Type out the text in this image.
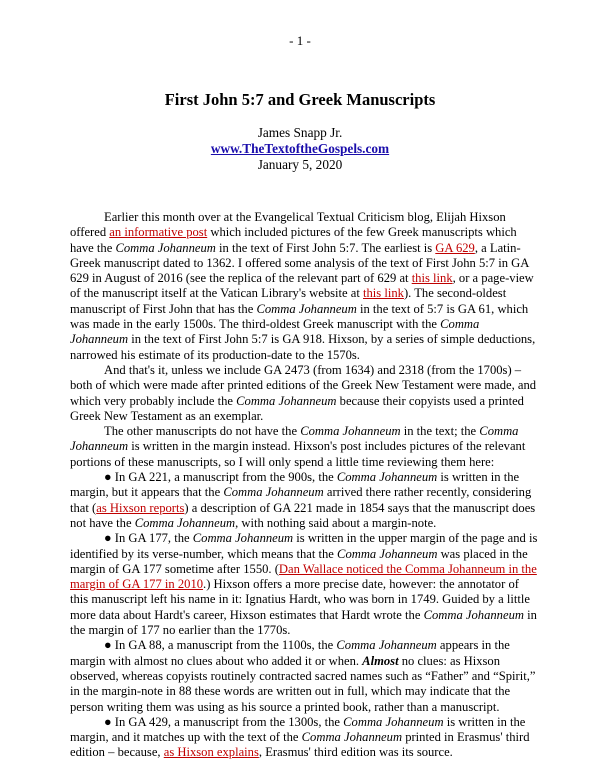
- 1 -
First John 5:7 and Greek Manuscripts
James Snapp Jr.
www.TheTextoftheGospels.com
January 5, 2020

Earlier this month over at the Evangelical Textual Criticism blog, Elijah Hixson offered an informative post which included pictures of the few Greek manuscripts which have the Comma Johanneum in the text of First John 5:7. The earliest is GA 629, a Latin-Greek manuscript dated to 1362. I offered some analysis of the text of First John 5:7 in GA 629 in August of 2016 (see the replica of the relevant part of 629 at this link, or a page-view of the manuscript itself at the Vatican Library's website at this link). The second-oldest manuscript of First John that has the Comma Johanneum in the text of 5:7 is GA 61, which was made in the early 1500s. The third-oldest Greek manuscript with the Comma Johanneum in the text of First John 5:7 is GA 918. Hixson, by a series of simple deductions, narrowed his estimate of its production-date to the 1570s.

And that's it, unless we include GA 2473 (from 1634) and 2318 (from the 1700s) – both of which were made after printed editions of the Greek New Testament were made, and which very probably include the Comma Johanneum because their copyists used a printed Greek New Testament as an exemplar.

The other manuscripts do not have the Comma Johanneum in the text; the Comma Johanneum is written in the margin instead. Hixson's post includes pictures of the relevant portions of these manuscripts, so I will only spend a little time reviewing them here:

● In GA 221, a manuscript from the 900s, the Comma Johanneum is written in the margin, but it appears that the Comma Johanneum arrived there rather recently, considering that (as Hixson reports) a description of GA 221 made in 1854 says that the manuscript does not have the Comma Johanneum, with nothing said about a margin-note.

● In GA 177, the Comma Johanneum is written in the upper margin of the page and is identified by its verse-number, which means that the Comma Johanneum was placed in the margin of GA 177 sometime after 1550. (Dan Wallace noticed the Comma Johanneum in the margin of GA 177 in 2010.) Hixson offers a more precise date, however: the annotator of this manuscript left his name in it: Ignatius Hardt, who was born in 1749. Guided by a little more data about Hardt's career, Hixson estimates that Hardt wrote the Comma Johanneum in the margin of 177 no earlier than the 1770s.

● In GA 88, a manuscript from the 1100s, the Comma Johanneum appears in the margin with almost no clues about who added it or when. Almost no clues: as Hixson observed, whereas copyists routinely contracted sacred names such as “Father” and “Spirit,” in the margin-note in 88 these words are written out in full, which may indicate that the person writing them was using as his source a printed book, rather than a manuscript.

● In GA 429, a manuscript from the 1300s, the Comma Johanneum is written in the margin, and it matches up with the text of the Comma Johanneum printed in Erasmus' third edition – because, as Hixson explains, Erasmus' third edition was its source.
